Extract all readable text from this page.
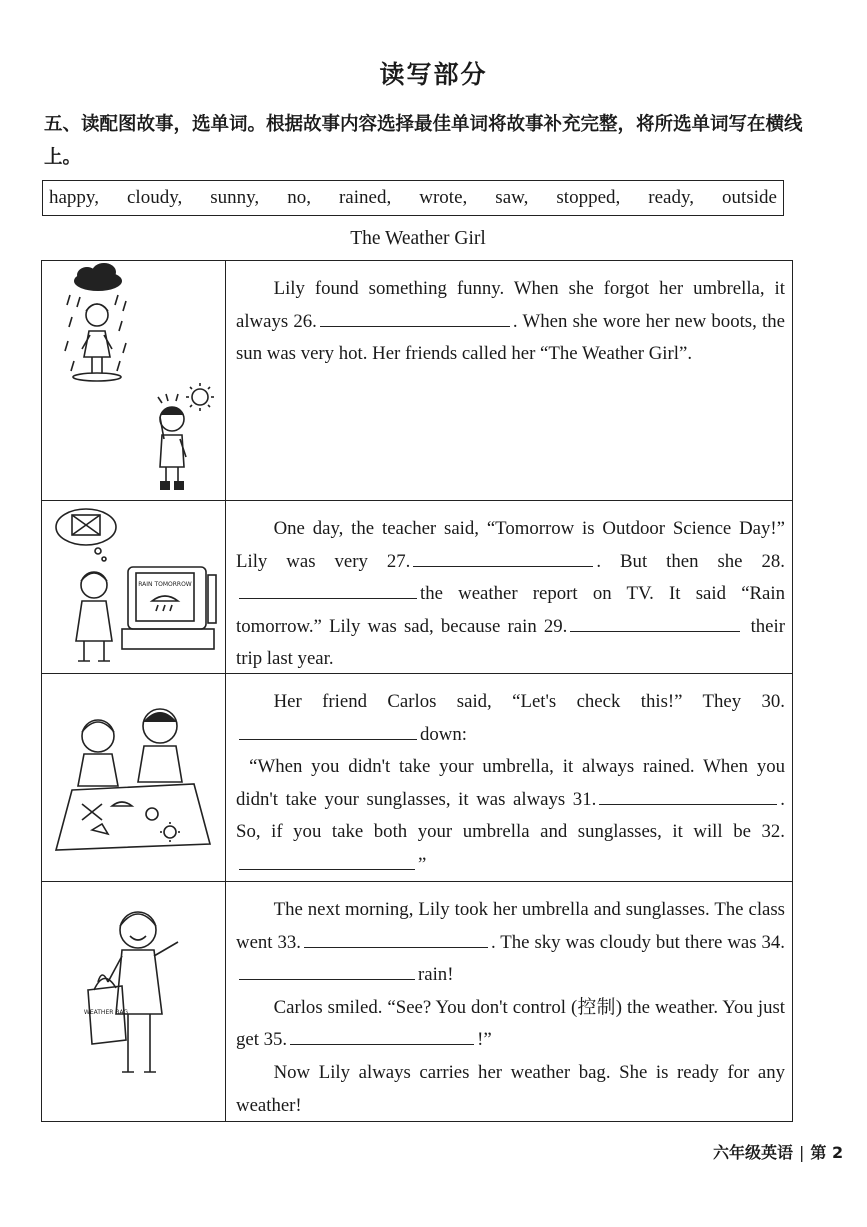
读写部分
五、读配图故事，选单词。根据故事内容选择最佳单词将故事补充完整，将所选单词写在横线上。
happy, cloudy, sunny, no, rained, wrote, saw, stopped, ready, outside
The Weather Girl

Lily found something funny. When she forgot her umbrella, it always 26.	. When she wore her new boots, the sun was very hot. Her friends called her “The Weather Girl”.

RAIN TOMORROW

One day, the teacher said, “Tomorrow is Outdoor Science Day!” Lily was very 27.	. But then she 28.the weather report on TV. It said “Rain tomorrow.” Lily was sad, because rain 29.	their trip last year.

Her friend Carlos said, “Let's check this!” They 30.down:

“When you didn't take your umbrella, it always rained. When you didn't take your sunglasses, it was always 31.	. So, if you take both your umbrella and sunglasses, it will be 32.”

WEATHER BAG

The next morning, Lily took her umbrella and sunglasses. The class went 33.	. The sky was cloudy but there was 34.rain!

Carlos smiled. “See? You don't control (控制) the weather. You just get 35.	!”

Now Lily always carries her weather bag. She is ready for any weather!

六年级英语 | 第 2
